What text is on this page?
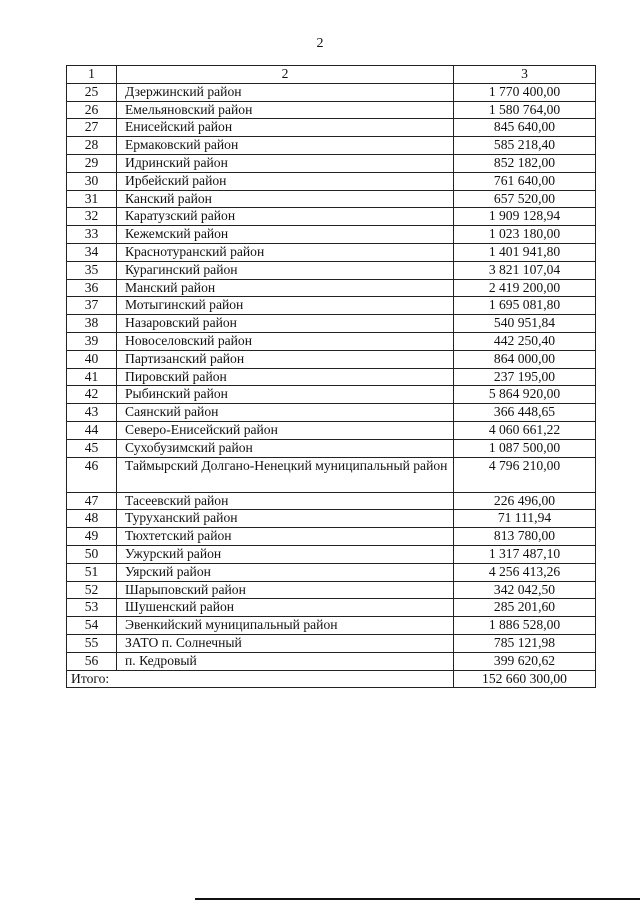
2
1	2	3
25	Дзержинский район	1 770 400,00
26	Емельяновский район	1 580 764,00
27	Енисейский район	845 640,00
28	Ермаковский район	585 218,40
29	Идринский район	852 182,00
30	Ирбейский район	761 640,00
31	Канский район	657 520,00
32	Каратузский район	1 909 128,94
33	Кежемский район	1 023 180,00
34	Краснотуранский район	1 401 941,80
35	Курагинский район	3 821 107,04
36	Манский район	2 419 200,00
37	Мотыгинский район	1 695 081,80
38	Назаровский район	540 951,84
39	Новоселовский район	442 250,40
40	Партизанский район	864 000,00
41	Пировский район	237 195,00
42	Рыбинский район	5 864 920,00
43	Саянский район	366 448,65
44	Северо-Енисейский район	4 060 661,22
45	Сухобузимский район	1 087 500,00
46	Таймырский Долгано-Ненецкий муниципальный район	4 796 210,00
47	Тасеевский район	226 496,00
48	Туруханский район	71 111,94
49	Тюхтетский район	813 780,00
50	Ужурский район	1 317 487,10
51	Уярский район	4 256 413,26
52	Шарыповский район	342 042,50
53	Шушенский район	285 201,60
54	Эвенкийский муниципальный район	1 886 528,00
55	ЗАТО п. Солнечный	785 121,98
56	п. Кедровый	399 620,62
Итого:		152 660 300,00
